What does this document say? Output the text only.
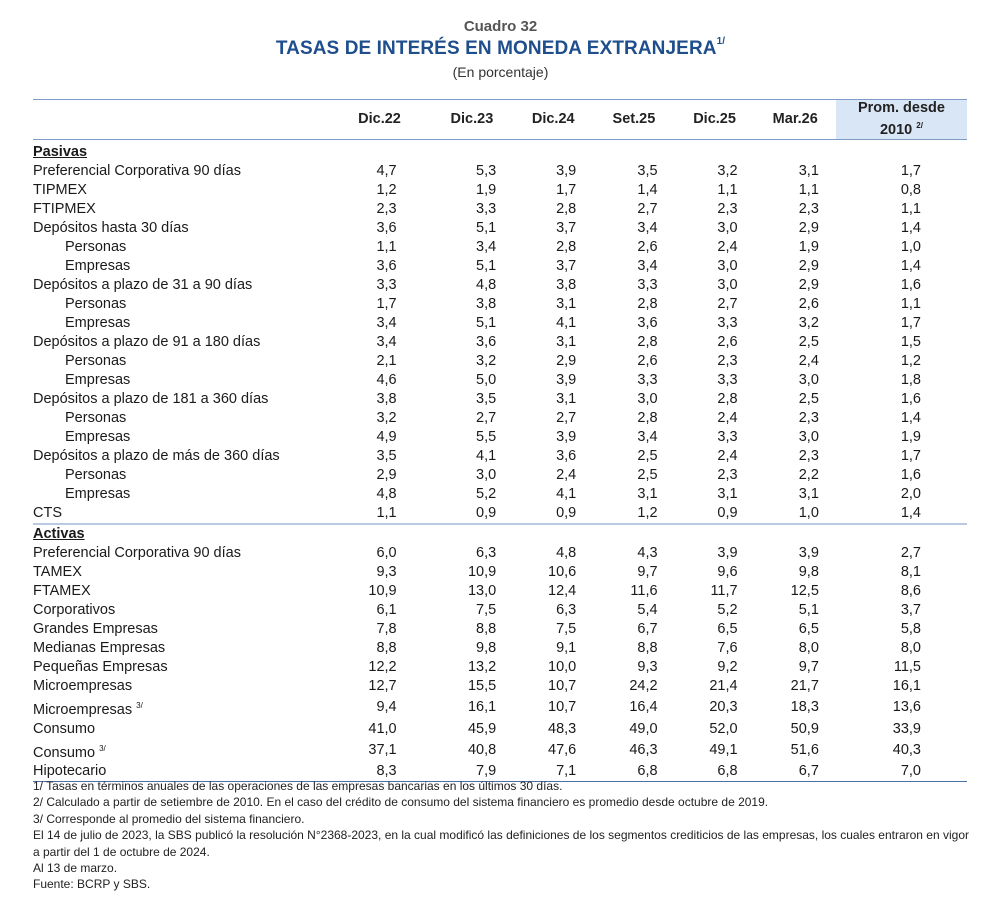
Cuadro 32
TASAS DE INTERÉS EN MONEDA $EXTRANJERA^{1/}$
(En porcentaje)
	Dic.22	Dic.23	Dic.24	Set.25	Dic.25	Mar.26	Prom. desde
2010 $^{2/}$

Pasivas							
Preferencial Corporativa 90 días	4,7	5,3	3,9	3,5	3,2	3,1	1,7
TIPMEX	1,2	1,9	1,7	1,4	1,1	1,1	0,8
FTIPMEX	2,3	3,3	2,8	2,7	2,3	2,3	1,1
Depósitos hasta 30 días	3,6	5,1	3,7	3,4	3,0	2,9	1,4
Personas	1,1	3,4	2,8	2,6	2,4	1,9	1,0
Empresas	3,6	5,1	3,7	3,4	3,0	2,9	1,4
Depósitos a plazo de 31 a 90 días	3,3	4,8	3,8	3,3	3,0	2,9	1,6
Personas	1,7	3,8	3,1	2,8	2,7	2,6	1,1
Empresas	3,4	5,1	4,1	3,6	3,3	3,2	1,7
Depósitos a plazo de 91 a 180 días	3,4	3,6	3,1	2,8	2,6	2,5	1,5
Personas	2,1	3,2	2,9	2,6	2,3	2,4	1,2
Empresas	4,6	5,0	3,9	3,3	3,3	3,0	1,8
Depósitos a plazo de 181 a 360 días	3,8	3,5	3,1	3,0	2,8	2,5	1,6
Personas	3,2	2,7	2,7	2,8	2,4	2,3	1,4
Empresas	4,9	5,5	3,9	3,4	3,3	3,0	1,9
Depósitos a plazo de más de 360 días	3,5	4,1	3,6	2,5	2,4	2,3	1,7
Personas	2,9	3,0	2,4	2,5	2,3	2,2	1,6
Empresas	4,8	5,2	4,1	3,1	3,1	3,1	2,0
CTS	1,1	0,9	0,9	1,2	0,9	1,0	1,4
Activas							
Preferencial Corporativa 90 días	6,0	6,3	4,8	4,3	3,9	3,9	2,7
TAMEX	9,3	10,9	10,6	9,7	9,6	9,8	8,1
FTAMEX	10,9	13,0	12,4	11,6	11,7	12,5	8,6
Corporativos	6,1	7,5	6,3	5,4	5,2	5,1	3,7
Grandes Empresas	7,8	8,8	7,5	6,7	6,5	6,5	5,8
Medianas Empresas	8,8	9,8	9,1	8,8	7,6	8,0	8,0
Pequeñas Empresas	12,2	13,2	10,0	9,3	9,2	9,7	11,5
Microempresas	12,7	15,5	10,7	24,2	21,4	21,7	16,1
Microempresas $^{3/}$	9,4	16,1	10,7	16,4	20,3	18,3	13,6
Consumo	41,0	45,9	48,3	49,0	52,0	50,9	33,9
Consumo $^{3/}$	37,1	40,8	47,6	46,3	49,1	51,6	40,3
Hipotecario	8,3	7,9	7,1	6,8	6,8	6,7	7,0
1/ Tasas en términos anuales de las operaciones de las empresas bancarias en los últimos 30 días.
2/ Calculado a partir de setiembre de 2010. En el caso del crédito de consumo del sistema financiero es promedio desde octubre de 2019.
3/ Corresponde al promedio del sistema financiero.
El 14 de julio de 2023, la SBS publicó la resolución N°2368-2023, en la cual modificó las definiciones de los segmentos crediticios de las empresas, los cuales entraron en vigor a partir del 1 de octubre de 2024.
Al 13 de marzo.
Fuente: BCRP y SBS.
